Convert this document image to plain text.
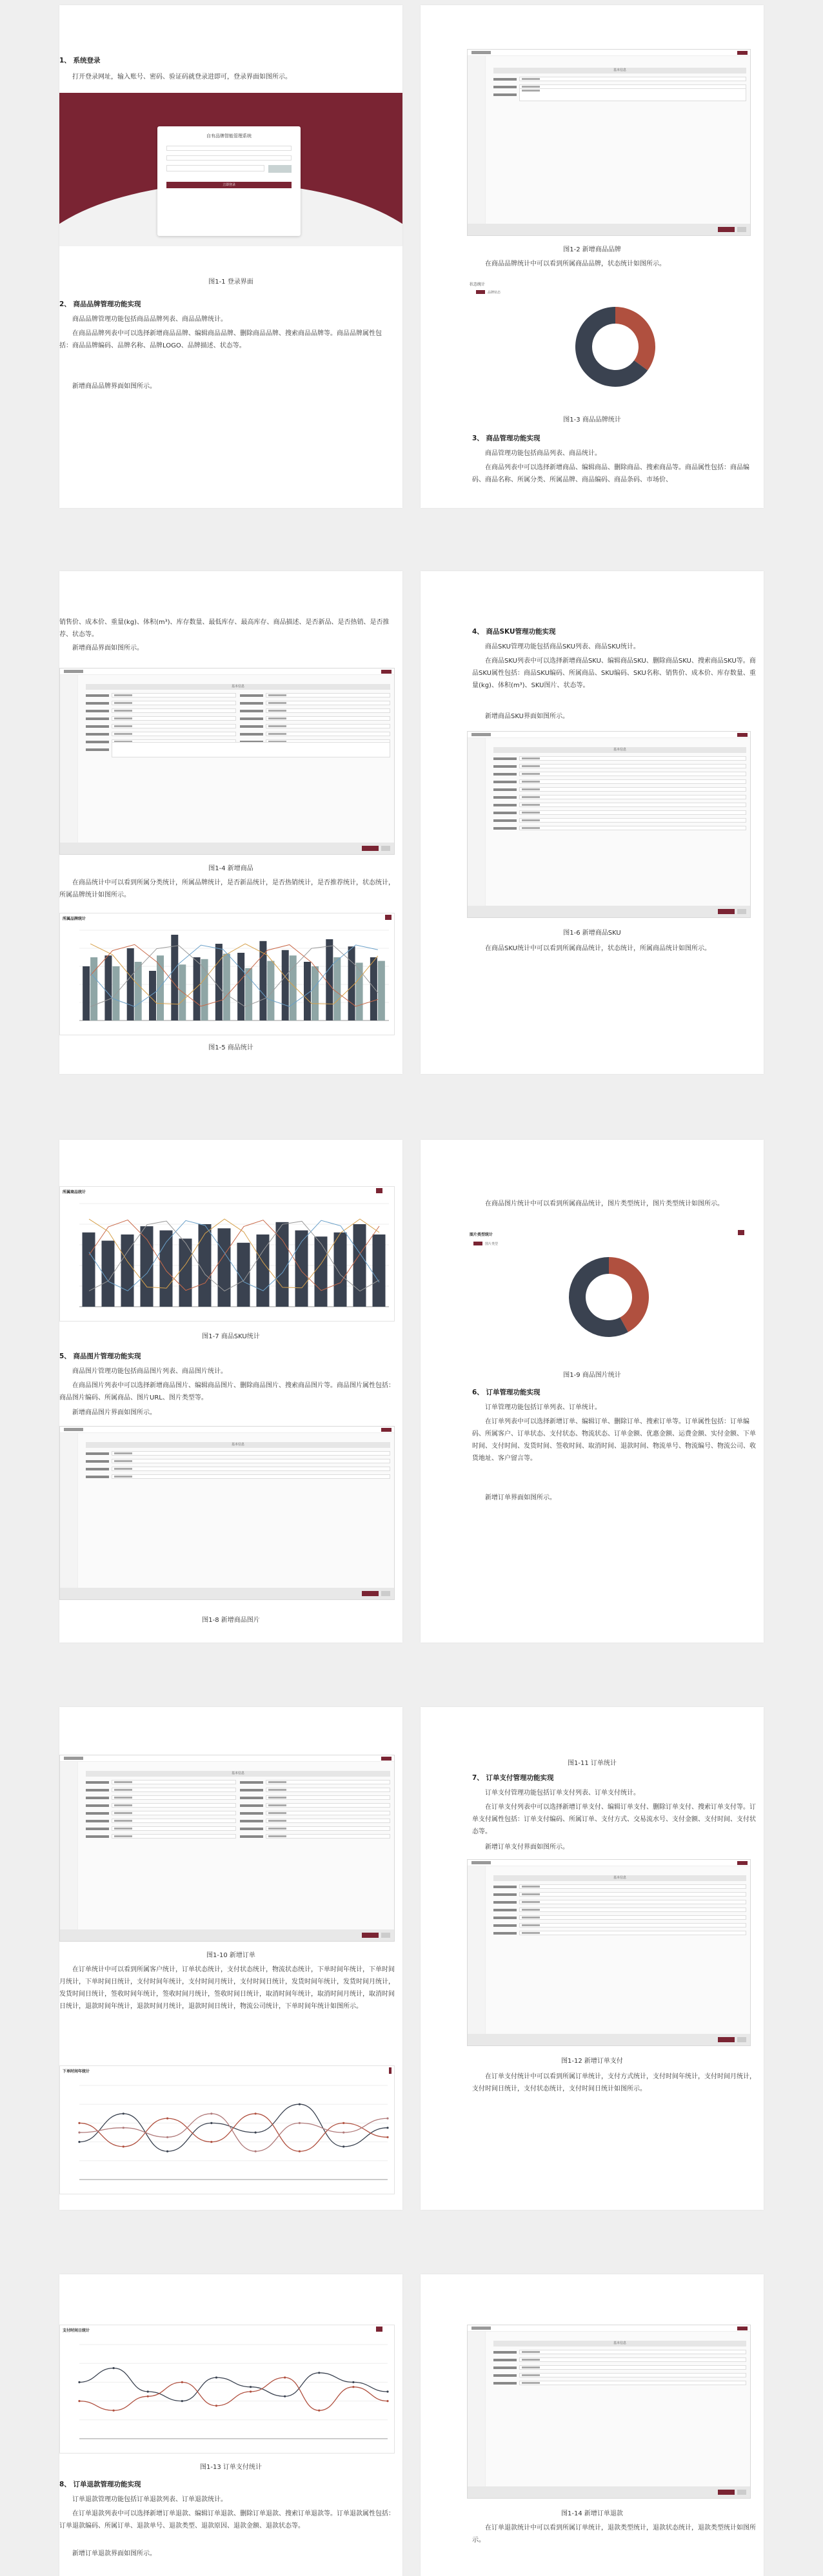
1、 系统登录
打开登录网址，输入账号、密码、验证码就登录进即可，登录界面如图所示。
自有品牌智能管理系统
立即登录
图1-1 登录界面
2、 商品品牌管理功能实现
商品品牌管理功能包括商品品牌列表、商品品牌统计。
在商品品牌列表中可以选择新增商品品牌、编辑商品品牌、删除商品品牌、搜索商品品牌等。商品品牌属性包括：商品品牌编码、品牌名称、品牌LOGO、品牌描述、状态等。
新增商品品牌界面如图所示。
基本信息
图1-2 新增商品品牌
在商品品牌统计中可以看到所属商品品牌，状态统计如图所示。
状态统计
品牌状态
图1-3 商品品牌统计
3、 商品管理功能实现
商品管理功能包括商品列表、商品统计。
在商品列表中可以选择新增商品、编辑商品、删除商品、搜索商品等。商品属性包括：商品编码、商品名称、所属分类、所属品牌、商品编码、商品条码、市场价、
销售价、成本价、重量(kg)、体积(m³)、库存数量、最低库存、最高库存、商品描述、是否新品、是否热销、是否推荐、状态等。
新增商品界面如图所示。
基本信息
图1-4 新增商品
在商品统计中可以看到所属分类统计，所属品牌统计，是否新品统计，是否热销统计，是否推荐统计，状态统计，所属品牌统计如图所示。
所属品牌统计
图1-5 商品统计
4、 商品SKU管理功能实现
商品SKU管理功能包括商品SKU列表、商品SKU统计。
在商品SKU列表中可以选择新增商品SKU、编辑商品SKU、删除商品SKU、搜索商品SKU等。商品SKU属性包括：商品SKU编码、所属商品、SKU编码、SKU名称、销售价、成本价、库存数量、重量(kg)、体积(m³)、SKU图片、状态等。
新增商品SKU界面如图所示。
基本信息
图1-6 新增商品SKU
在商品SKU统计中可以看到所属商品统计，状态统计，所属商品统计如图所示。
所属商品统计
图1-7 商品SKU统计
5、 商品图片管理功能实现
商品图片管理功能包括商品图片列表、商品图片统计。
在商品图片列表中可以选择新增商品图片、编辑商品图片、删除商品图片、搜索商品图片等。商品图片属性包括：商品图片编码、所属商品、图片URL、图片类型等。
新增商品图片界面如图所示。
基本信息
图1-8 新增商品图片
在商品图片统计中可以看到所属商品统计，图片类型统计，图片类型统计如图所示。
图片类型统计
图片类型
图1-9 商品图片统计
6、 订单管理功能实现
订单管理功能包括订单列表、订单统计。
在订单列表中可以选择新增订单、编辑订单、删除订单、搜索订单等。订单属性包括：订单编码、所属客户、订单状态、支付状态、物流状态、订单金额、优惠金额、运费金额、实付金额、下单时间、支付时间、发货时间、签收时间、取消时间、退款时间、物流单号、物流编号、物流公司、收货地址、客户留言等。
新增订单界面如图所示。
基本信息
图1-10 新增订单
在订单统计中可以看到所属客户统计，订单状态统计，支付状态统计，物流状态统计，下单时间年统计，下单时间月统计，下单时间日统计，支付时间年统计，支付时间月统计，支付时间日统计，发货时间年统计，发货时间月统计，发货时间日统计，签收时间年统计，签收时间月统计，签收时间日统计，取消时间年统计，取消时间月统计，取消时间日统计，退款时间年统计，退款时间月统计，退款时间日统计，物流公司统计，下单时间年统计如图所示。
下单时间年统计
图1-11 订单统计
7、 订单支付管理功能实现
订单支付管理功能包括订单支付列表、订单支付统计。
在订单支付列表中可以选择新增订单支付、编辑订单支付、删除订单支付、搜索订单支付等。订单支付属性包括：订单支付编码、所属订单、支付方式、交易流水号、支付金额、支付时间、支付状态等。
新增订单支付界面如图所示。
基本信息
图1-12 新增订单支付
在订单支付统计中可以看到所属订单统计，支付方式统计，支付时间年统计，支付时间月统计，支付时间日统计，支付状态统计，支付时间日统计如图所示。
支付时间日统计
图1-13 订单支付统计
8、 订单退款管理功能实现
订单退款管理功能包括订单退款列表、订单退款统计。
在订单退款列表中可以选择新增订单退款、编辑订单退款、删除订单退款、搜索订单退款等。订单退款属性包括：订单退款编码、所属订单、退款单号、退款类型、退款原因、退款金额、退款状态等。
新增订单退款界面如图所示。
基本信息
图1-14 新增订单退款
在订单退款统计中可以看到所属订单统计，退款类型统计，退款状态统计，退款类型统计如图所示。
